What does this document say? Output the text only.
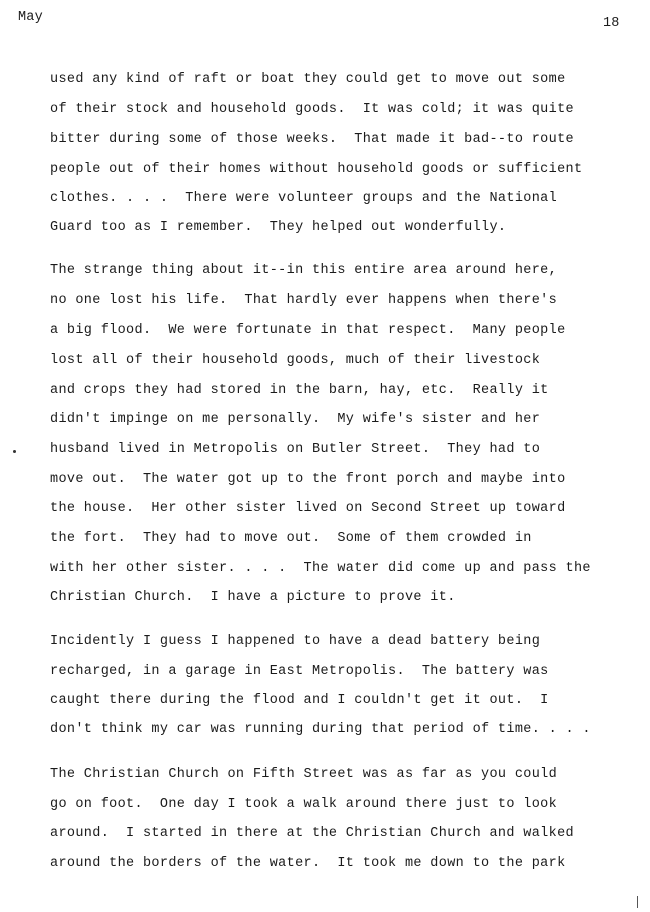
May	18
used any kind of raft or boat they could get to move out some
of their stock and household goods.  It was cold; it was quite
bitter during some of those weeks.  That made it bad--to route
people out of their homes without household goods or sufficient
clothes. . . .  There were volunteer groups and the National
Guard too as I remember.  They helped out wonderfully.
The strange thing about it--in this entire area around here,
no one lost his life.  That hardly ever happens when there's
a big flood.  We were fortunate in that respect.  Many people
lost all of their household goods, much of their livestock
and crops they had stored in the barn, hay, etc.  Really it
didn't impinge on me personally.  My wife's sister and her
husband lived in Metropolis on Butler Street.  They had to
move out.  The water got up to the front porch and maybe into
the house.  Her other sister lived on Second Street up toward
the fort.  They had to move out.  Some of them crowded in
with her other sister. . . .  The water did come up and pass the
Christian Church.  I have a picture to prove it.
Incidently I guess I happened to have a dead battery being
recharged, in a garage in East Metropolis.  The battery was
caught there during the flood and I couldn't get it out.  I
don't think my car was running during that period of time. . . .
The Christian Church on Fifth Street was as far as you could
go on foot.  One day I took a walk around there just to look
around.  I started in there at the Christian Church and walked
around the borders of the water.  It took me down to the park
